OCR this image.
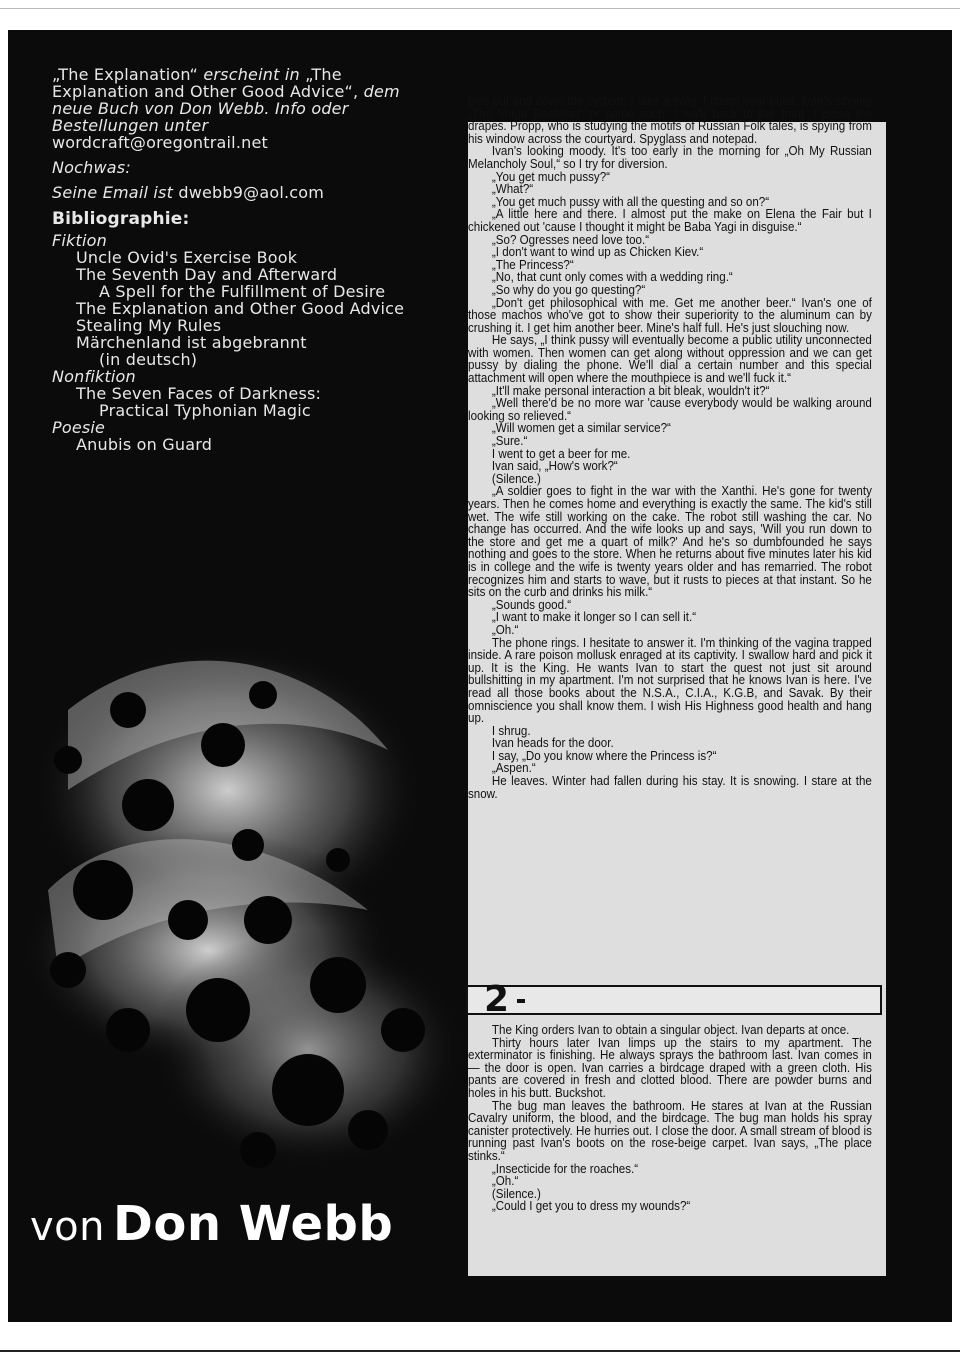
„The Explanation“ erscheint in „The Explanation and Other Good Advice“, dem neue Buch von Don Webb. Info oder Bestellungen unter wordcraft@oregontrail.net

Nochwas:

Seine Email ist dwebb9@aol.com

Bibliographie:

Fiktion

Uncle Ovid's Exercise Book

The Seventh Day and Afterward

A Spell for the Fulfillment of Desire

The Explanation and Other Good Advice

Stealing My Rules

Märchenland ist abgebrannt

(in deutsch)

Nonfiktion

The Seven Faces of Darkness:

Practical Typhonian Magic

Poesie

Anubis on Guard

pies out and down the system. I take a swig. I damn near puke. Ivan's singing „The Volga Boatman“ or some such. I walk back to the front. I close the drapes. Propp, who is studying the motifs of Russian Folk tales, is spying from his window across the courtyard. Spyglass and notepad.

Ivan's looking moody. It's too early in the morning for „Oh My Russian Melancholy Soul,“ so I try for diversion.

„You get much pussy?“

„What?“

„You get much pussy with all the questing and so on?“

„A little here and there. I almost put the make on Elena the Fair but I chickened out 'cause I thought it might be Baba Yagi in disguise.“

„So? Ogresses need love too.“

„I don't want to wind up as Chicken Kiev.“

„The Princess?“

„No, that cunt only comes with a wedding ring.“

„So why do you go questing?“

„Don't get philosophical with me. Get me another beer.“ Ivan's one of those machos who've got to show their superiority to the aluminum can by crushing it. I get him another beer. Mine's half full. He's just slouching now.

He says, „I think pussy will eventually become a public utility unconnected with women. Then women can get along without oppression and we can get pussy by dialing the phone. We'll dial a certain number and this special attachment will open where the mouthpiece is and we'll fuck it.“

„It'll make personal interaction a bit bleak, wouldn't it?“

„Well there'd be no more war 'cause everybody would be walking around looking so relieved.“

„Will women get a similar service?“

„Sure.“

I went to get a beer for me.

Ivan said, „How's work?“

(Silence.)

„A soldier goes to fight in the war with the Xanthi. He's gone for twenty years. Then he comes home and everything is exactly the same. The kid's still wet. The wife still working on the cake. The robot still washing the car. No change has occurred. And the wife looks up and says, 'Will you run down to the store and get me a quart of milk?' And he's so dumbfounded he says nothing and goes to the store. When he returns about five minutes later his kid is in college and the wife is twenty years older and has remarried. The robot recognizes him and starts to wave, but it rusts to pieces at that instant. So he sits on the curb and drinks his milk.“

„Sounds good.“

„I want to make it longer so I can sell it.“

„Oh.“

The phone rings. I hesitate to answer it. I'm thinking of the vagina trapped inside. A rare poison mollusk enraged at its captivity. I swallow hard and pick it up. It is the King. He wants Ivan to start the quest not just sit around bullshitting in my apartment. I'm not surprised that he knows Ivan is here. I've read all those books about the N.S.A., C.I.A., K.G.B, and Savak. By their omniscience you shall know them. I wish His Highness good health and hang up.

I shrug.

Ivan heads for the door.

I say, „Do you know where the Princess is?“

„Aspen.“

He leaves. Winter had fallen during his stay. It is snowing. I stare at the snow.

2

The King orders Ivan to obtain a singular object. Ivan departs at once.

Thirty hours later Ivan limps up the stairs to my apartment. The exterminator is finishing. He always sprays the bathroom last. Ivan comes in — the door is open. Ivan carries a birdcage draped with a green cloth. His pants are covered in fresh and clotted blood. There are powder burns and holes in his butt. Buckshot.

The bug man leaves the bathroom. He stares at Ivan at the Russian Cavalry uniform, the blood, and the birdcage. The bug man holds his spray canister protectively. He hurries out. I close the door. A small stream of blood is running past Ivan's boots on the rose-beige carpet. Ivan says, „The place stinks.“

„Insecticide for the roaches.“

„Oh.“

(Silence.)

„Could I get you to dress my wounds?“

von Don Webb
